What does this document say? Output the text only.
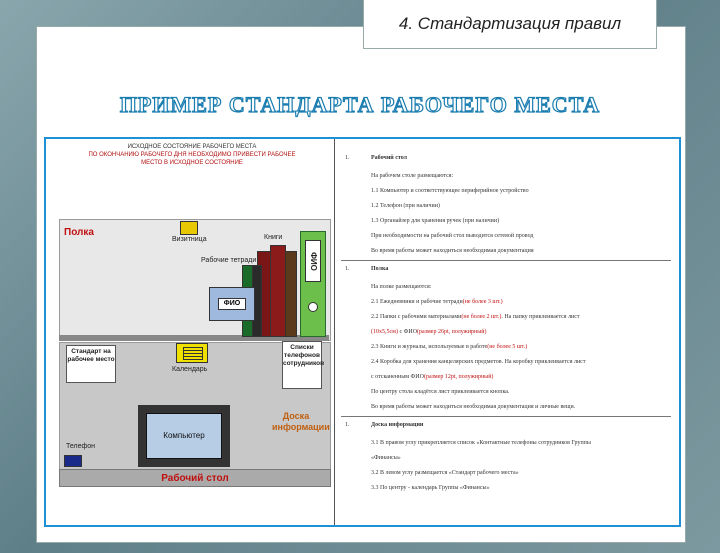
4. Стандартизация правил
ПРИМЕР СТАНДАРТА РАБОЧЕГО МЕСТА
ИСХОДНОЕ СОСТОЯНИЕ РАБОЧЕГО МЕСТА
ПО ОКОНЧАНИЮ РАБОЧЕГО ДНЯ НЕОБХОДИМО ПРИВЕСТИ РАБОЧЕЕ
МЕСТО В ИСХОДНОЕ СОСТОЯНИЕ
Полка
Визитница	Книги
ФИО
Рабочие тетради
ФИО
Стандарт на рабочее место
Календарь
Списки телефонов сотрудников
Компьютер
Доска информации
Телефон
Рабочий стол
1.	Рабочий стол
На рабочем столе размещаются:
1.1 Компьютер и соответствующее периферийное устройство
1.2 Телефон (при наличии)
1.3 Органайзер для хранения ручек (при наличии)
При необходимости на рабочий стол выводится сетевой провод
Во время работы может находиться необходимая документация
1.	Полка
На полке размещаются:
2.1 Ежедневники и рабочие тетради(не более 3 шт.)
2.2 Папки с рабочими материалами(не более 2 шт.). На папку приклеивается лист
(10х5,5см) с ФИО(размер 26pt, полужирный)
2.3 Книги и журналы, используемые в работе(не более 5 шт.)
2.4 Коробка для хранения канцелярских предметов. На коробку приклеивается лист
с отсканенным ФИО(размер 12pt, полужирный)
По центру стола кладётся лист приклеивается кнопка.
Во время работы может находиться необходимая документация и личные вещи.
1.	Доска информации
3.1 В правом углу прикрепляется список «Контактные телефоны сотрудников Группы
«Финансы»
3.2 В левом углу размещается «Стандарт рабочего места»
3.3 По центру - календарь Группы «Финансы»
